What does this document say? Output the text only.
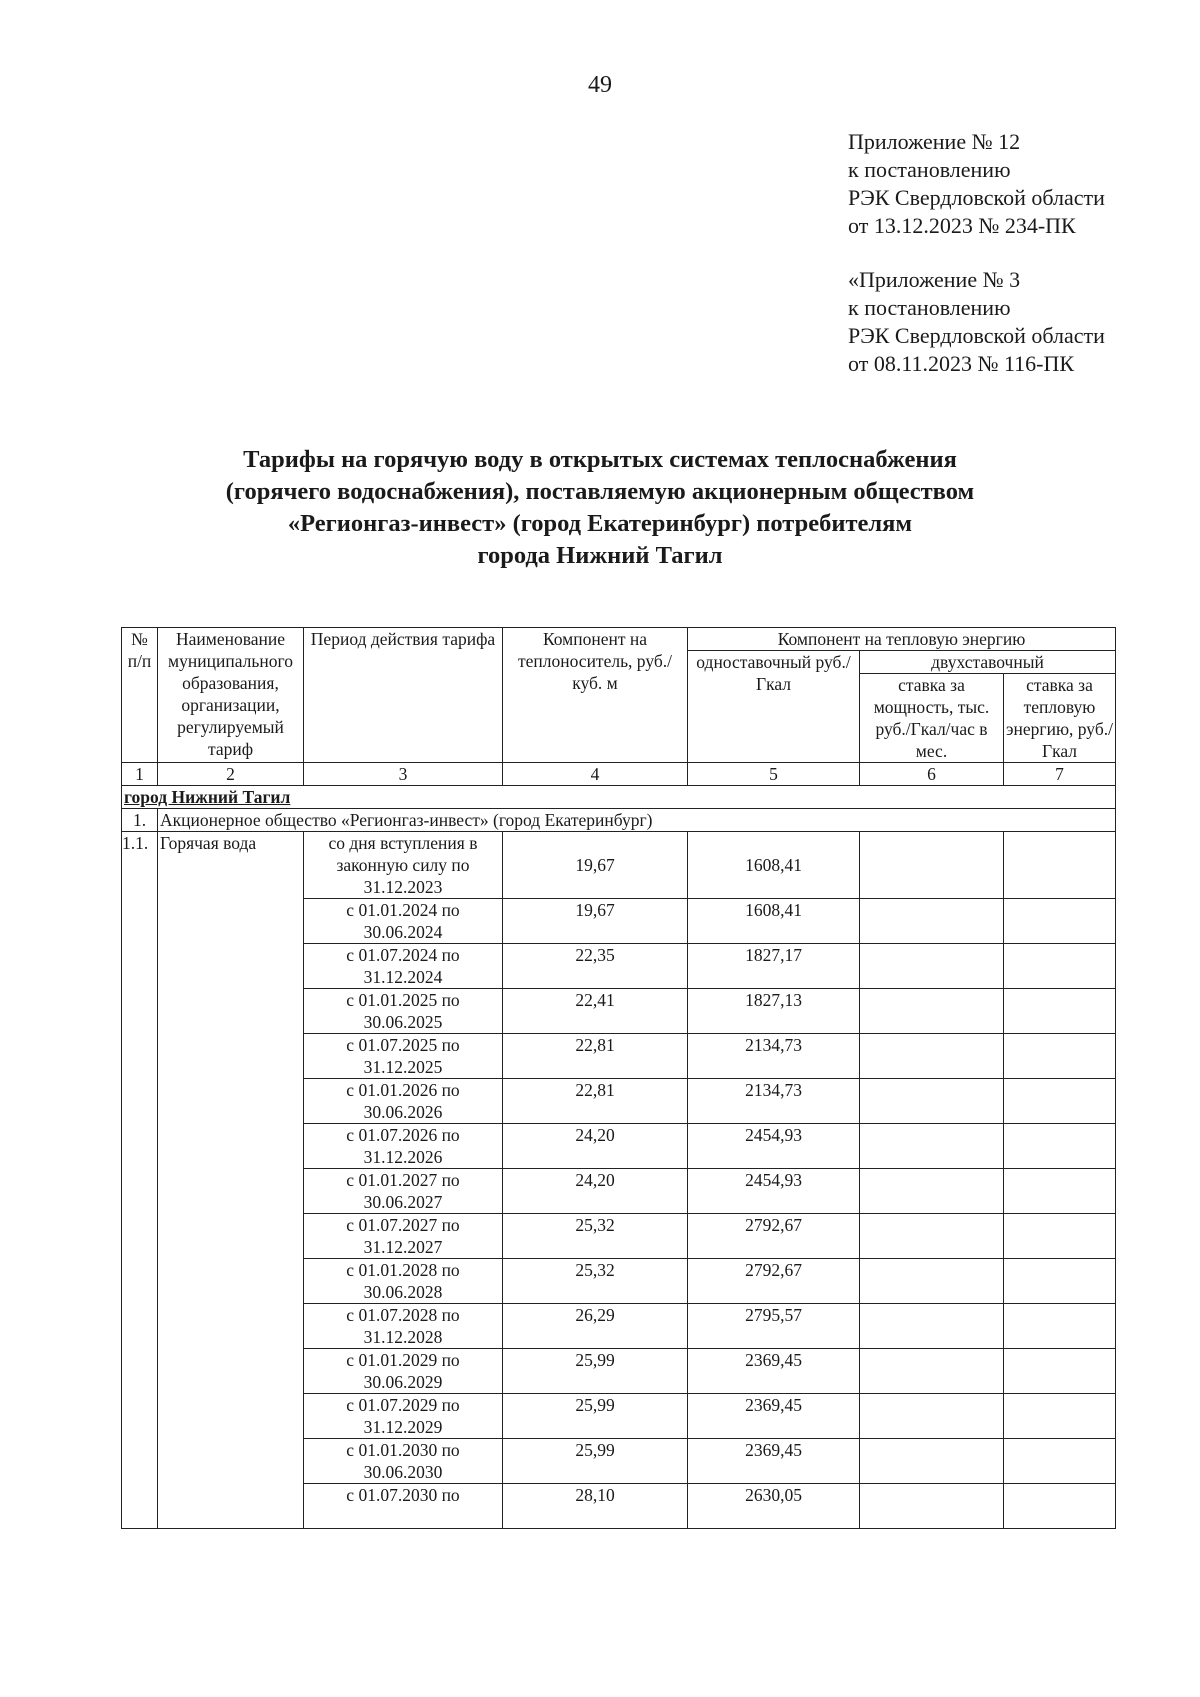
49
Приложение № 12
к постановлению
РЭК Свердловской области
от 13.12.2023 № 234-ПК
«Приложение № 3
к постановлению
РЭК Свердловской области
от 08.11.2023 № 116-ПК
Тарифы на горячую воду в открытых системах теплоснабжения
(горячего водоснабжения), поставляемую акционерным обществом
«Регионгаз-инвест» (город Екатеринбург) потребителям
города Нижний Тагил
№ п/п	Наименование муниципального образования, организации, регулируемый тариф	Период действия тарифа	Компонент на теплоноситель, руб./куб. м	Компонент на тепловую энергию		
				одноставочный руб./Гкал	двухставочный	
					ставка за мощность, тыс. руб./Гкал/час в мес.	ставка за тепловую энергию, руб./Гкал
1	2	3	4	5	6	7
город Нижний Тагил						
1.	Акционерное общество «Регионгаз-инвест» (город Екатеринбург)					
1.1.	Горячая вода	со дня вступления в законную силу по 31.12.2023	19,67	1608,41		
		с 01.01.2024 по 30.06.2024	19,67	1608,41		
		с 01.07.2024 по 31.12.2024	22,35	1827,17		
		с 01.01.2025 по 30.06.2025	22,41	1827,13		
		с 01.07.2025 по 31.12.2025	22,81	2134,73		
		с 01.01.2026 по 30.06.2026	22,81	2134,73		
		с 01.07.2026 по 31.12.2026	24,20	2454,93		
		с 01.01.2027 по 30.06.2027	24,20	2454,93		
		с 01.07.2027 по 31.12.2027	25,32	2792,67		
		с 01.01.2028 по 30.06.2028	25,32	2792,67		
		с 01.07.2028 по 31.12.2028	26,29	2795,57		
		с 01.01.2029 по 30.06.2029	25,99	2369,45		
		с 01.07.2029 по 31.12.2029	25,99	2369,45		
		с 01.01.2030 по 30.06.2030	25,99	2369,45		
		с 01.07.2030 по	28,10	2630,05		
